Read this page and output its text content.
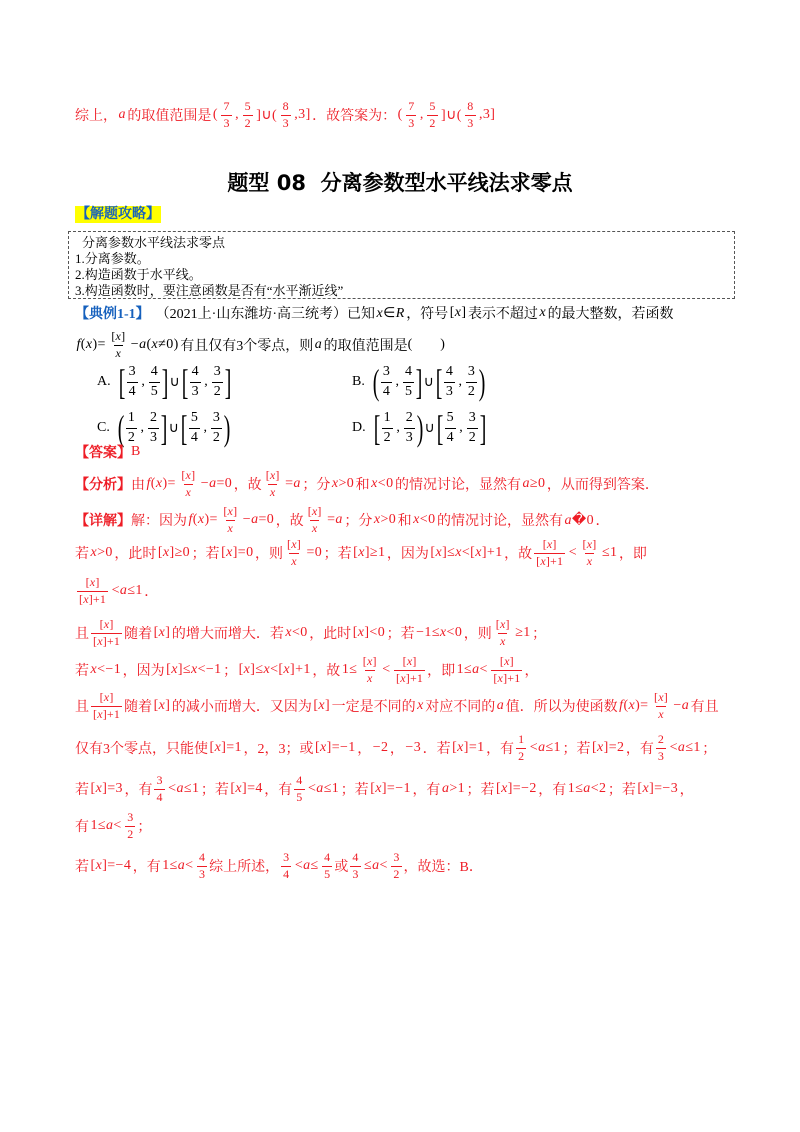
综上， a 的取值范围是 ( $\frac{7}{3}$ , $\frac{5}{2}$ ]∪( $\frac{8}{3} ,3$] ．故答案为： ( $\frac{7}{3}$ , $\frac{5}{2}$ ]∪( $\frac{8}{3} ,3$]
题型 08  分离参数型水平线法求零点
【解题攻略】
分离参数水平线法求零点
1.分离参数。
2.构造函数于水平线。
3.构造函数时，要注意函数是否有“水平渐近线”
【典例1-1】 （2021上·山东潍坊·高三统考）已知 x∈R ，符号 [x] 表示不超过 x 的最大整数，若函数
$f(x)= \frac{[x]}{x} -a(x\ne 0)$ 有且仅有3个零点，则 a 的取值范围是 (        )
A. [ $\frac{3}{4}$ , $\frac{4}{5}$ ] ∪ [ $\frac{4}{3}$ , $\frac{3}{2}$ ]	B. ( $\frac{3}{4}$ , $\frac{4}{5}$ ] ∪ [ $\frac{4}{3}$ , $\frac{3}{2}$ )
C. ( $\frac{1}{2}$ , $\frac{2}{3}$ ] ∪ [ $\frac{5}{4}$ , $\frac{3}{2}$ )	D. [ $\frac{1}{2}$ , $\frac{2}{3}$ ) ∪ [ $\frac{5}{4}$ , $\frac{3}{2}$ ]
【答案】 B
【分析】 由 $f(x)= \frac{[x]}{x} -a=0$ ，故 $\frac{[x]}{x} =a$ ；分 x>0 和 x<0 的情况讨论，显然有 a≥0 ，从而得到答案．
【详解】 解：因为 $f(x)= \frac{[x]}{x} -a=0$ ，故 $\frac{[x]}{x} =a$ ；分 x>0 和 x<0 的情况讨论，显然有 a�0 ．
若 x>0 ，此时 [x]≥0 ；若 [x]=0 ，则 $\frac{[x]}{x} =0$ ；若 [x]≥1 ，因为 [x]≤x<[x]+1 ，故 $\frac{[x]}{[x]+1} < \frac{[x]}{x} \le 1$ ，即
$\frac{[x]}{[x]+1} <a\le 1$ ．
且 $\frac{[x]}{[x]+1}$ 随着 [x] 的增大而增大．若 x<0 ，此时 [x]<0 ；若 −1≤x<0 ，则 $\frac{[x]}{x} \ge 1$ ；
若 x<−1 ，因为 [x]≤x<−1 ； [x]≤x<[x]+1 ，故 $1\le \frac{[x]}{x} < \frac{[x]}{[x]+1}$ ，即 $1\le a< \frac{[x]}{[x]+1}$ ，
且 $\frac{[x]}{[x]+1}$ 随着 [x] 的减小而增大．又因为 [x] 一定是不同的 x 对应不同的 a 值．所以为使函数 $f(x)= \frac{[x]}{x} -a$ 有且
仅有3个零点，只能使 [x]=1 ，2，3；或 [x]=−1 ， −2 ， −3 ．若 [x]=1 ，有 $\frac{1}{2} <a\le 1$ ；若 [x]=2 ，有 $\frac{2}{3} <a\le 1$ ；
若 [x]=3 ，有 $\frac{3}{4} <a\le 1$ ；若 [x]=4 ，有 $\frac{4}{5} <a\le 1$ ；若 [x]=−1 ，有 a>1 ；若 [x]=−2 ，有 1≤a<2 ；若 [x]=−3 ，
有 $1\le a< \frac{3}{2}$ ；
若 [x]=−4 ，有 $1\le a< \frac{4}{3}$ 综上所述， $\frac{3}{4} <a\le \frac{4}{5}$ 或 $\frac{4}{3} \le a< \frac{3}{2}$ ，故选：B．
